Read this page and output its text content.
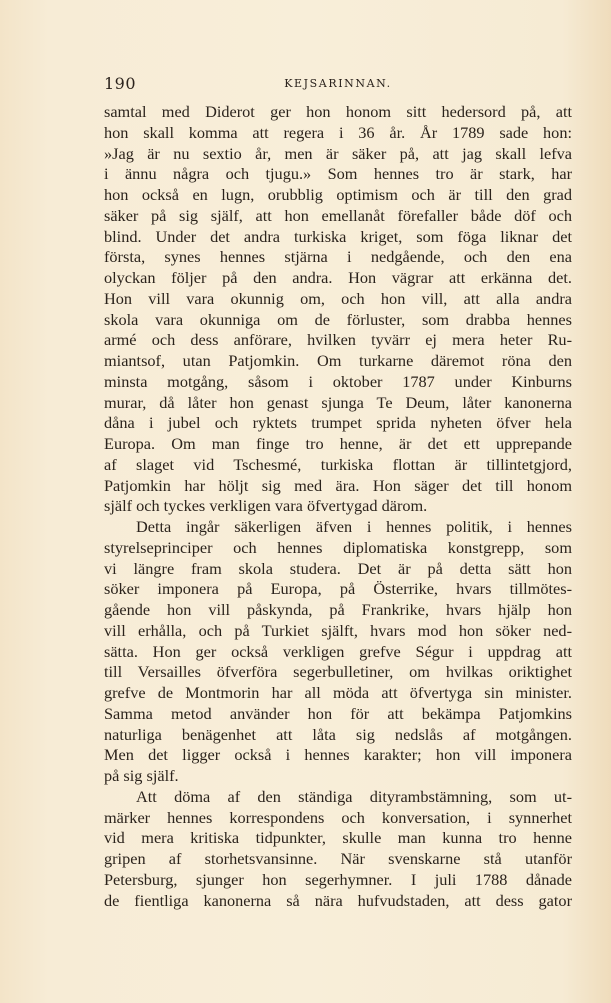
190	KEJSARINNAN.
samtal med Diderot ger hon honom sitt hedersord på, att
hon skall komma att regera i 36 år. År 1789 sade hon:
»Jag är nu sextio år, men är säker på, att jag skall lefva
i ännu några och tjugu.» Som hennes tro är stark, har
hon också en lugn, orubblig optimism och är till den grad
säker på sig själf, att hon emellanåt förefaller både döf och
blind. Under det andra turkiska kriget, som föga liknar det
första, synes hennes stjärna i nedgående, och den ena
olyckan följer på den andra. Hon vägrar att erkänna det.
Hon vill vara okunnig om, och hon vill, att alla andra
skola vara okunniga om de förluster, som drabba hennes
armé och dess anförare, hvilken tyvärr ej mera heter Ru-
miantsof, utan Patjomkin. Om turkarne däremot röna den
minsta motgång, såsom i oktober 1787 under Kinburns
murar, då låter hon genast sjunga Te Deum, låter kanonerna
dåna i jubel och ryktets trumpet sprida nyheten öfver hela
Europa. Om man finge tro henne, är det ett upprepande
af slaget vid Tschesmé, turkiska flottan är tillintetgjord,
Patjomkin har höljt sig med ära. Hon säger det till honom
själf och tyckes verkligen vara öfvertygad därom.
Detta ingår säkerligen äfven i hennes politik, i hennes
styrelseprinciper och hennes diplomatiska konstgrepp, som
vi längre fram skola studera. Det är på detta sätt hon
söker imponera på Europa, på Österrike, hvars tillmötes-
gående hon vill påskynda, på Frankrike, hvars hjälp hon
vill erhålla, och på Turkiet själft, hvars mod hon söker ned-
sätta. Hon ger också verkligen grefve Ségur i uppdrag att
till Versailles öfverföra segerbulletiner, om hvilkas oriktighet
grefve de Montmorin har all möda att öfvertyga sin minister.
Samma metod använder hon för att bekämpa Patjomkins
naturliga benägenhet att låta sig nedslås af motgången.
Men det ligger också i hennes karakter; hon vill imponera
på sig själf.
Att döma af den ständiga dityrambstämning, som ut-
märker hennes korrespondens och konversation, i synnerhet
vid mera kritiska tidpunkter, skulle man kunna tro henne
gripen af storhetsvansinne. När svenskarne stå utanför
Petersburg, sjunger hon segerhymner. I juli 1788 dånade
de fientliga kanonerna så nära hufvudstaden, att dess gator
